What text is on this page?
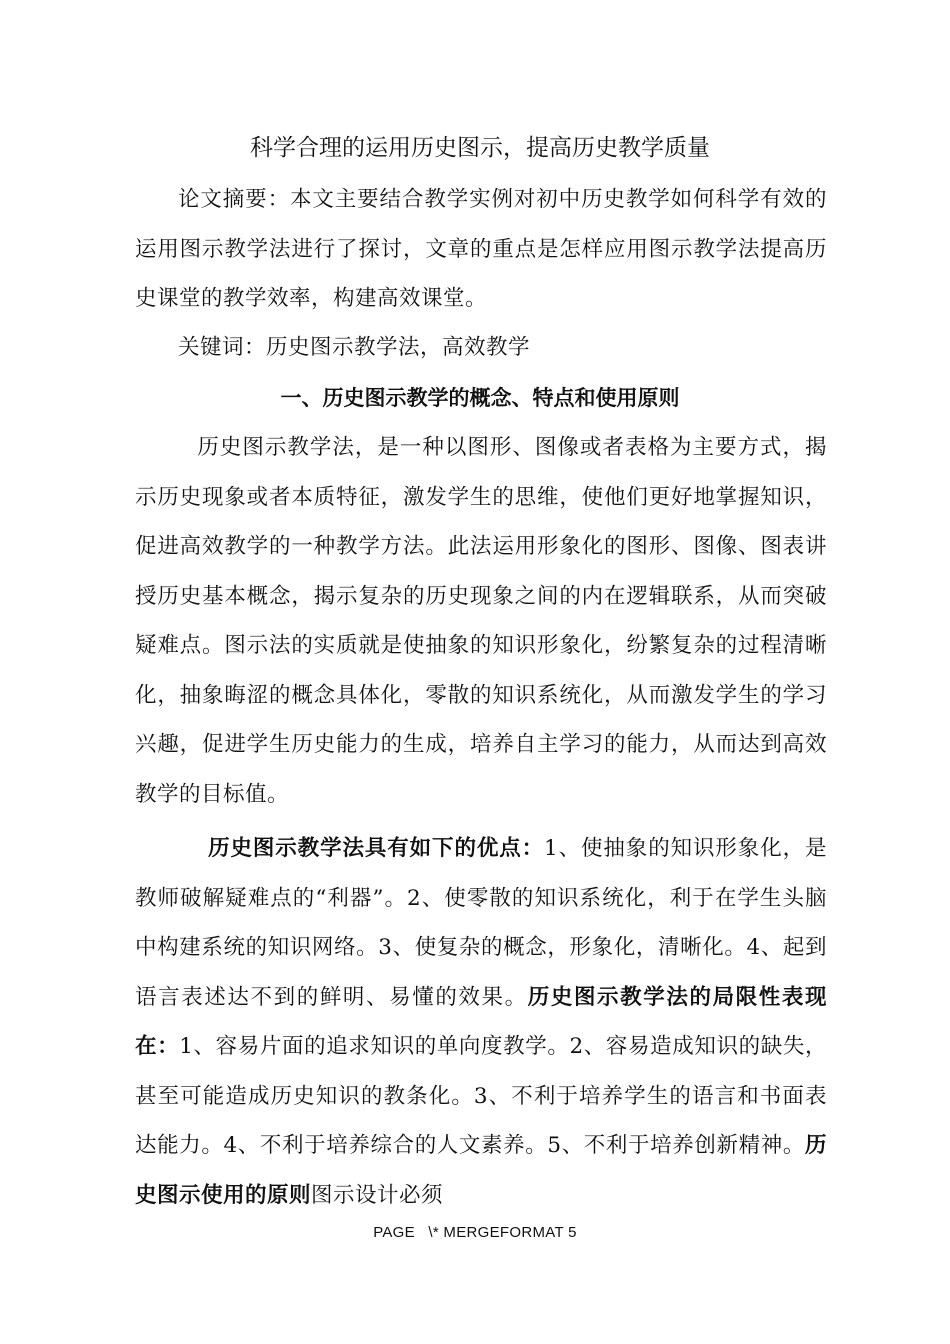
科学合理的运用历史图示，提高历史教学质量

论文摘要：本文主要结合教学实例对初中历史教学如何科学有效的运用图示教学法进行了探讨，文章的重点是怎样应用图示教学法提高历史课堂的教学效率，构建高效课堂。

关键词：历史图示教学法，高效教学

一、历史图示教学的概念、特点和使用原则

历史图示教学法，是一种以图形、图像或者表格为主要方式，揭示历史现象或者本质特征，激发学生的思维，使他们更好地掌握知识，促进高效教学的一种教学方法。此法运用形象化的图形、图像、图表讲授历史基本概念，揭示复杂的历史现象之间的内在逻辑联系，从而突破疑难点。图示法的实质就是使抽象的知识形象化，纷繁复杂的过程清晰化，抽象晦涩的概念具体化，零散的知识系统化，从而激发学生的学习兴趣，促进学生历史能力的生成，培养自主学习的能力，从而达到高效教学的目标值。

历史图示教学法具有如下的优点：1、使抽象的知识形象化，是教师破解疑难点的“利器”。2、使零散的知识系统化，利于在学生头脑中构建系统的知识网络。3、使复杂的概念，形象化，清晰化。4、起到语言表述达不到的鲜明、易懂的效果。历史图示教学法的局限性表现在：1、容易片面的追求知识的单向度教学。2、容易造成知识的缺失，甚至可能造成历史知识的教条化。3、不利于培养学生的语言和书面表达能力。4、不利于培养综合的人文素养。5、不利于培养创新精神。历史图示使用的原则图示设计必须

PAGE   \* MERGEFORMAT 5
